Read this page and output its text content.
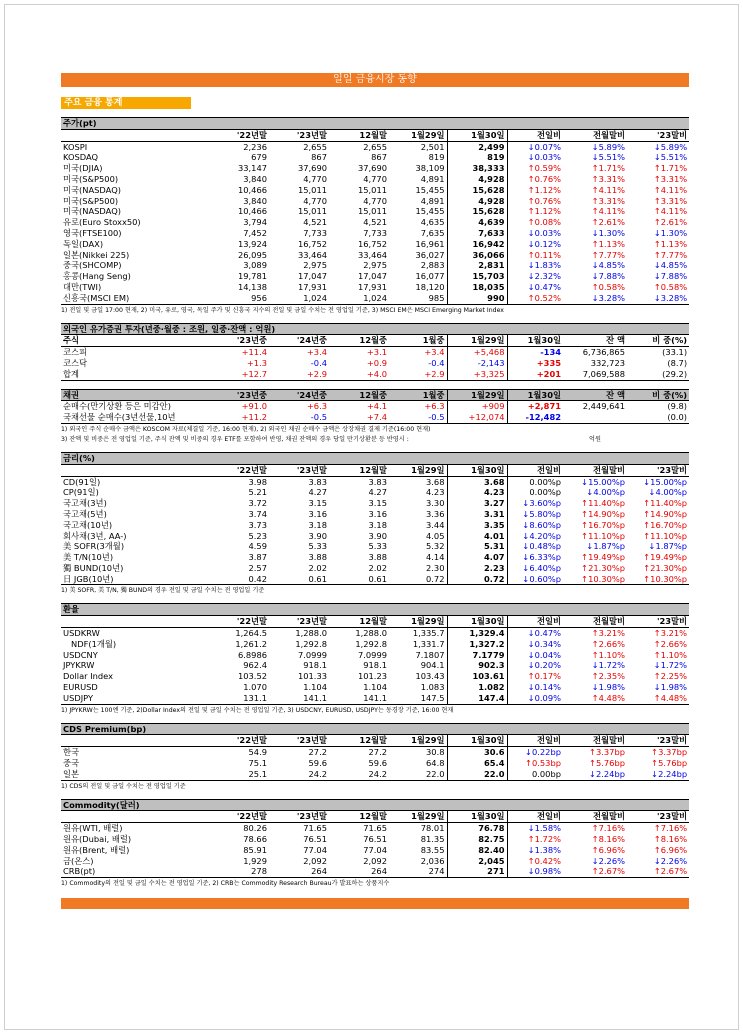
일일 금융시장 동향
주요 금융 통계
주가(pt)								
	'22년말	'23년말	12월말	1월29일	1월30일	전일비	전월말비	'23말비
KOSPI	2,236	2,655	2,655	2,501	2,499	↓0.07%	↓5.89%	↓5.89%
KOSDAQ	679	867	867	819	819	↓0.03%	↓5.51%	↓5.51%
미국(DJIA)	33,147	37,690	37,690	38,109	38,333	↑0.59%	↑1.71%	↑1.71%
미국(S&P500)	3,840	4,770	4,770	4,891	4,928	↑0.76%	↑3.31%	↑3.31%
미국(NASDAQ)	10,466	15,011	15,011	15,455	15,628	↑1.12%	↑4.11%	↑4.11%
미국(S&P500)	3,840	4,770	4,770	4,891	4,928	↑0.76%	↑3.31%	↑3.31%
미국(NASDAQ)	10,466	15,011	15,011	15,455	15,628	↑1.12%	↑4.11%	↑4.11%
유로(Euro Stoxx50)	3,794	4,521	4,521	4,635	4,639	↑0.08%	↑2.61%	↑2.61%
영국(FTSE100)	7,452	7,733	7,733	7,635	7,633	↓0.03%	↓1.30%	↓1.30%
독일(DAX)	13,924	16,752	16,752	16,961	16,942	↓0.12%	↑1.13%	↑1.13%
일본(Nikkei 225)	26,095	33,464	33,464	36,027	36,066	↑0.11%	↑7.77%	↑7.77%
중국(SHCOMP)	3,089	2,975	2,975	2,883	2,831	↓1.83%	↓4.85%	↓4.85%
홍콩(Hang Seng)	19,781	17,047	17,047	16,077	15,703	↓2.32%	↓7.88%	↓7.88%
대만(TWI)	14,138	17,931	17,931	18,120	18,035	↓0.47%	↑0.58%	↑0.58%
신흥국(MSCI EM)	956	1,024	1,024	985	990	↑0.52%	↓3.28%	↓3.28%
1) 전일 및 금일 17:00 현재, 2) 미국, 유로, 영국, 독일 주가 및 신흥국 지수의 전일 및 금일 수치는 전 영업일 기준, 3) MSCI EM은 MSCI Emerging Market Index
외국인 유가증권 투자(년중·월중 : 조원, 일중·잔액 : 억원)								
주식	'23년중	'24년중	12월중	1월중	1월29일	1월30일	잔 액	비 중(%)
코스피	+11.4	+3.4	+3.1	+3.4	+5,468	-134	6,736,865	(33.1)
코스닥	+1.3	-0.4	+0.9	-0.4	-2,143	+335	332,723	(8.7)
합계	+12.7	+2.9	+4.0	+2.9	+3,325	+201	7,069,588	(29.2)
채권	'23년중	'24년중	12월중	1월중	1월29일	1월30일	잔 액	비 중(%)
순매수(만기상환 등은 미감안)	+91.0	+6.3	+4.1	+6.3	+909	+2,871	2,449,641	(9.8)
국채선물 순매수(3년선물,10년	+11.2	-0.5	+7.4	-0.5	+12,074	-12,482		(0.0)
1) 외국인 주식 순매수 금액은 KOSCOM 자료(체결일 기준, 16:00 현재), 2) 외국인 채권 순매수 금액은 상장채권 결제 기준(16:00 현재)
3) 잔액 및 비중은 전 영업일 기준, 주식 잔액 및 비중의 경우 ETF를 포함하여 반영, 채권 잔액의 경우 당일 만기상환분 등 반영시 :	억원
금리(%)								
	'22년말	'23년말	12월말	1월29일	1월30일	전일비	전월말비	'23말비
CD(91일)	3.98	3.83	3.83	3.68	3.68	0.00%p	↓15.00%p	↓15.00%p
CP(91일)	5.21	4.27	4.27	4.23	4.23	0.00%p	↓4.00%p	↓4.00%p
국고채(3년)	3.72	3.15	3.15	3.30	3.27	↓3.60%p	↑11.40%p	↑11.40%p
국고채(5년)	3.74	3.16	3.16	3.36	3.31	↓5.80%p	↑14.90%p	↑14.90%p
국고채(10년)	3.73	3.18	3.18	3.44	3.35	↓8.60%p	↑16.70%p	↑16.70%p
회사채(3년, AA-)	5.23	3.90	3.90	4.05	4.01	↓4.20%p	↑11.10%p	↑11.10%p
美 SOFR(3개월)	4.59	5.33	5.33	5.32	5.31	↓0.48%p	↓1.87%p	↓1.87%p
美 T/N(10년)	3.87	3.88	3.88	4.14	4.07	↓6.33%p	↑19.49%p	↑19.49%p
獨 BUND(10년)	2.57	2.02	2.02	2.30	2.23	↓6.40%p	↑21.30%p	↑21.30%p
日 JGB(10년)	0.42	0.61	0.61	0.72	0.72	↓0.60%p	↑10.30%p	↑10.30%p
1) 美 SOFR, 美 T/N, 獨 BUND의 경우 전일 및 금일 수치는 전 영업일 기준
환율								
	'22년말	'23년말	12월말	1월29일	1월30일	전일비	전월말비	'23말비
USDKRW	1,264.5	1,288.0	1,288.0	1,335.7	1,329.4	↓0.47%	↑3.21%	↑3.21%
NDF(1개월)	1,261.2	1,292.8	1,292.8	1,331.7	1,327.2	↓0.34%	↑2.66%	↑2.66%
USDCNY	6.8986	7.0999	7.0999	7.1807	7.1779	↓0.04%	↑1.10%	↑1.10%
JPYKRW	962.4	918.1	918.1	904.1	902.3	↓0.20%	↓1.72%	↓1.72%
Dollar Index	103.52	101.33	101.23	103.43	103.61	↑0.17%	↑2.35%	↑2.25%
EURUSD	1.070	1.104	1.104	1.083	1.082	↓0.14%	↓1.98%	↓1.98%
USDJPY	131.1	141.1	141.1	147.5	147.4	↓0.09%	↑4.48%	↑4.48%
1) JPYKRW는 100엔 기준, 2)Dollar Index의 전일 및 금일 수치는 전 영업일 기준, 3) USDCNY, EURUSD, USDJPY는 동경장 기준, 16:00 현재
CDS Premium(bp)								
	'22년말	'23년말	12월말	1월29일	1월30일	전일비	전월말비	'23말비
한국	54.9	27.2	27.2	30.8	30.6	↓0.22bp	↑3.37bp	↑3.37bp
중국	75.1	59.6	59.6	64.8	65.4	↑0.53bp	↑5.76bp	↑5.76bp
일본	25.1	24.2	24.2	22.0	22.0	0.00bp	↓2.24bp	↓2.24bp
1) CDS의 전일 및 금일 수치는 전 영업일 기준
Commodity(달러)								
	'22년말	'23년말	12월말	1월29일	1월30일	전일비	전월말비	'23말비
원유(WTI, 배럴)	80.26	71.65	71.65	78.01	76.78	↓1.58%	↑7.16%	↑7.16%
원유(Dubai, 배럴)	78.66	76.51	76.51	81.35	82.75	↑1.72%	↑8.16%	↑8.16%
원유(Brent, 배럴)	85.91	77.04	77.04	83.55	82.40	↓1.38%	↑6.96%	↑6.96%
금(온스)	1,929	2,092	2,092	2,036	2,045	↑0.42%	↓2.26%	↓2.26%
CRB(pt)	278	264	264	274	271	↓0.98%	↑2.67%	↑2.67%
1) Commodity의 전일 및 금일 수치는 전 영업일 기준, 2) CRB는 Commodity Research Bureau가 발표하는 상품지수
